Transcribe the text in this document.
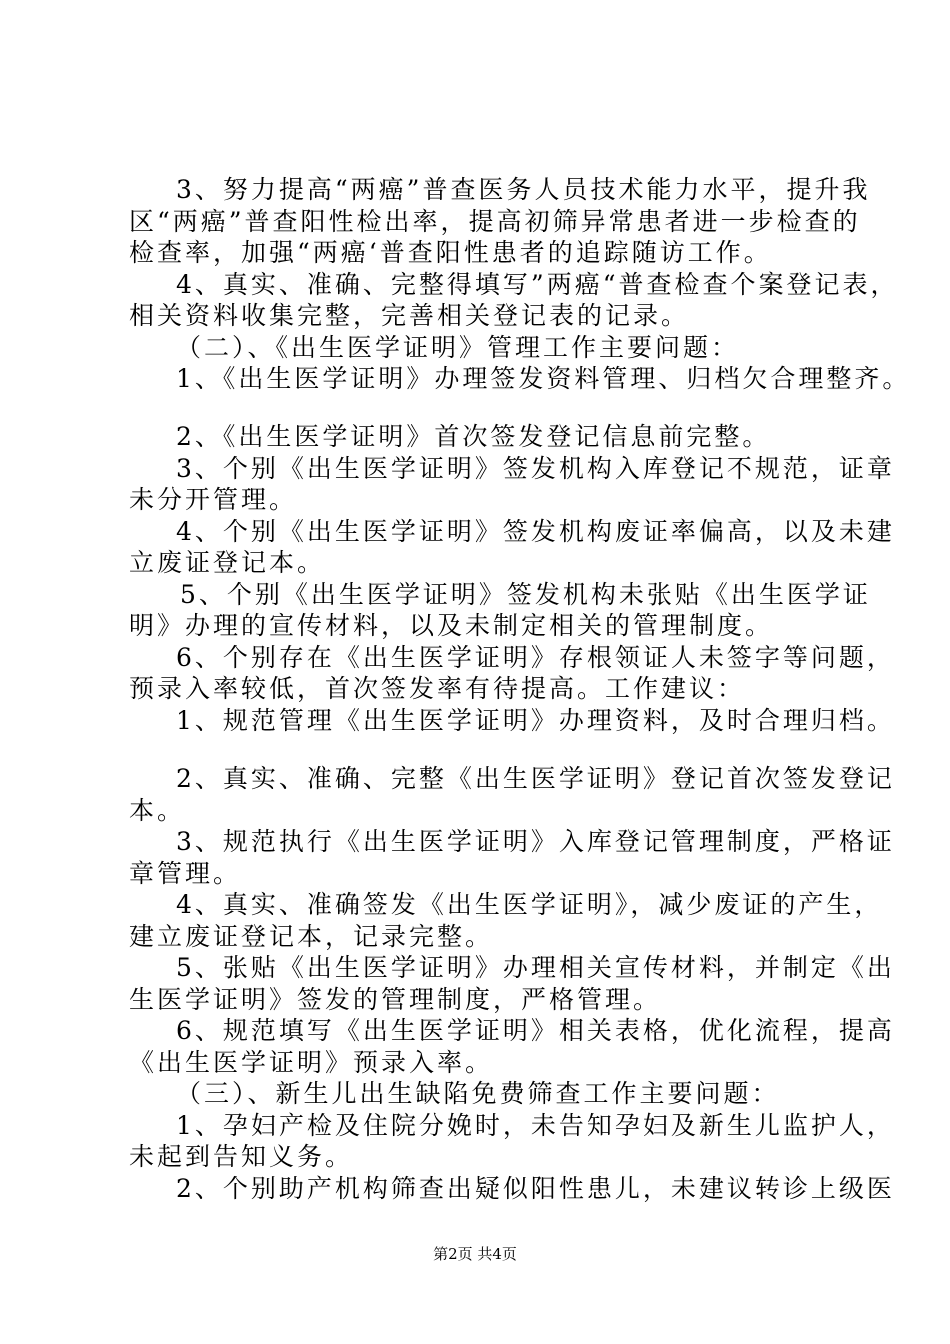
3、努力提高“两癌”普查医务人员技术能力水平，提升我
区“两癌”普查阳性检出率，提高初筛异常患者进一步检查的
检查率，加强“两癌‘普查阳性患者的追踪随访工作。
4、真实、准确、完整得填写”两癌“普查检查个案登记表，
相关资料收集完整，完善相关登记表的记录。
（二）、《出生医学证明》管理工作主要问题：
1、《出生医学证明》办理签发资料管理、归档欠合理整齐。
2、《出生医学证明》首次签发登记信息前完整。
3、个别《出生医学证明》签发机构入库登记不规范，证章
未分开管理。
4、个别《出生医学证明》签发机构废证率偏高，以及未建
立废证登记本。
5、个别《出生医学证明》签发机构未张贴《出生医学证
明》办理的宣传材料，以及未制定相关的管理制度。
6、个别存在《出生医学证明》存根领证人未签字等问题，
预录入率较低，首次签发率有待提高。工作建议：
1、规范管理《出生医学证明》办理资料，及时合理归档。
2、真实、准确、完整《出生医学证明》登记首次签发登记
本。
3、规范执行《出生医学证明》入库登记管理制度，严格证
章管理。
4、真实、准确签发《出生医学证明》，减少废证的产生，
建立废证登记本，记录完整。
5、张贴《出生医学证明》办理相关宣传材料，并制定《出
生医学证明》签发的管理制度，严格管理。
6、规范填写《出生医学证明》相关表格，优化流程，提高
《出生医学证明》预录入率。
（三）、新生儿出生缺陷免费筛查工作主要问题：
1、孕妇产检及住院分娩时，未告知孕妇及新生儿监护人，
未起到告知义务。
2、个别助产机构筛查出疑似阳性患儿，未建议转诊上级医
第2页 共4页
